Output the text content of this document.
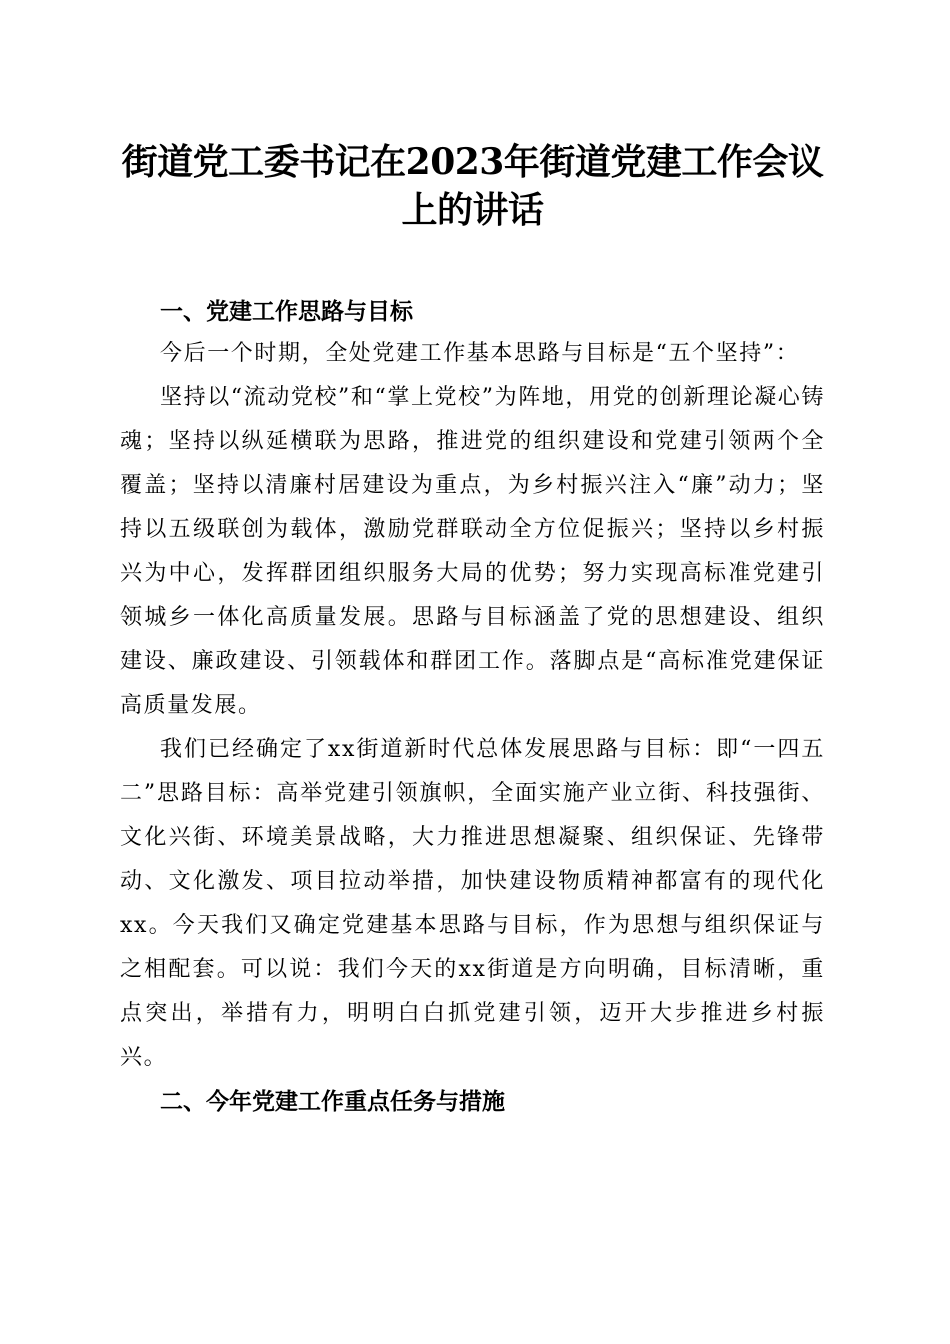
街道党工委书记在2023年街道党建工作会议
上的讲话
一、党建工作思路与目标

今后一个时期，全处党建工作基本思路与目标是“五个坚持”：

坚持以“流动党校”和“掌上党校”为阵地，用党的创新理论凝心铸魂；坚持以纵延横联为思路，推进党的组织建设和党建引领两个全覆盖；坚持以清廉村居建设为重点，为乡村振兴注入“廉”动力；坚持以五级联创为载体，激励党群联动全方位促振兴；坚持以乡村振兴为中心，发挥群团组织服务大局的优势；努力实现高标准党建引领城乡一体化高质量发展。思路与目标涵盖了党的思想建设、组织建设、廉政建设、引领载体和群团工作。落脚点是“高标准党建保证高质量发展。

我们已经确定了xx街道新时代总体发展思路与目标：即“一四五二”思路目标：高举党建引领旗帜，全面实施产业立街、科技强街、文化兴街、环境美景战略，大力推进思想凝聚、组织保证、先锋带动、文化激发、项目拉动举措，加快建设物质精神都富有的现代化xx。今天我们又确定党建基本思路与目标，作为思想与组织保证与之相配套。可以说：我们今天的xx街道是方向明确，目标清晰，重点突出，举措有力，明明白白抓党建引领，迈开大步推进乡村振兴。

二、今年党建工作重点任务与措施
